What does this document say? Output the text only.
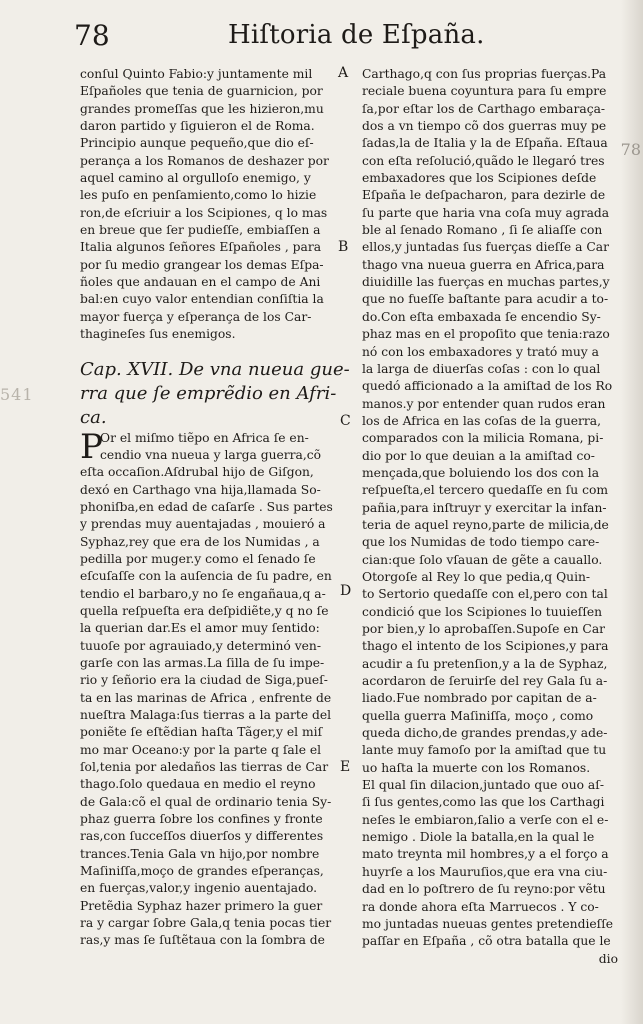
78	Hiſtoria de Eſpaña.
541
78
A
B
C
D
E
conſul Quinto Fabio:y juntamente mil
Eſpañoles que tenia de guarnicion, por
grandes promeſſas que les hizieron,mu
daron partido y ſiguieron el de Roma.
Principio aunque pequeño,que dio eſ-
perança a los Romanos de deshazer por
aquel camino al orgulloſo enemigo, y
les puſo en penſamiento,como lo hizie
ron,de eſcriuir a los Scipiones, q lo mas
en breue que ſer pudieſſe, embiaſſen a
Italia algunos ſeñores Eſpañoles , para
por ſu medio grangear los demas Eſpa-
ñoles que andauan en el campo de Ani
bal:en cuyo valor entendian conſiſtia la
mayor fuerça y eſperança de los Car-
thagineſes ſus enemigos.
Cap. XVII. De vna nueua gue-
rra que ſe emprẽdio en Afri-
ca.
P
Or el miſmo tiẽpo en Africa ſe en-
cendio vna nueua y larga guerra,cõ
eſta occaſion.Aſdrubal hijo de Giſgon,
dexó en Carthago vna hija,llamada So-
phoniſba,en edad de caſarſe . Sus partes
y prendas muy auentajadas , mouieró a
Syphaz,rey que era de los Numidas , a
pedilla por muger.y como el ſenado ſe
eſcuſaſſe con la auſencia de ſu padre, en
tendio el barbaro,y no ſe engañaua,q a-
quella reſpueſta era deſpidiẽte,y q no ſe
la querian dar.Es el amor muy ſentido:
tuuoſe por agrauiado,y determinó ven-
garſe con las armas.La ſilla de ſu impe-
rio y ſeñorio era la ciudad de Siga,pueſ-
ta en las marinas de Africa , enfrente de
nueſtra Malaga:ſus tierras a la parte del
poniẽte ſe eſtẽdian haſta Tãger,y el miſ
mo mar Oceano:y por la parte q ſale el
ſol,tenia por aledaños las tierras de Car
thago.ſolo quedaua en medio el reyno
de Gala:cõ el qual de ordinario tenia Sy-
phaz guerra ſobre los confines y fronte
ras,con ſucceſſos diuerſos y differentes
trances.Tenia Gala vn hijo,por nombre
Maſiniſſa,moço de grandes eſperanças,
en fuerças,valor,y ingenio auentajado.
Pretẽdia Syphaz hazer primero la guer
ra y cargar ſobre Gala,q tenia pocas tier
ras,y mas ſe ſuſtẽtaua con la ſombra de
Carthago,q con ſus proprias fuerças.Pa
reciale buena coyuntura para ſu empre
ſa,por eſtar los de Carthago embaraça-
dos a vn tiempo cõ dos guerras muy pe
ſadas,la de Italia y la de Eſpaña. Eſtaua
con eſta reſolució,quãdo le llegaró tres
embaxadores que los Scipiones deſde
Eſpaña le deſpacharon, para dezirle de
ſu parte que haria vna coſa muy agrada
ble al ſenado Romano , ſi ſe aliaſſe con
ellos,y juntadas ſus fuerças dieſſe a Car
thago vna nueua guerra en Africa,para
diuidille las fuerças en muchas partes,y
que no fueſſe baſtante para acudir a to-
do.Con eſta embaxada ſe encendio Sy-
phaz mas en el propoſito que tenia:razo
nó con los embaxadores y trató muy a
la larga de diuerſas coſas : con lo qual
quedó afficionado a la amiſtad de los Ro
manos.y por entender quan rudos eran
los de Africa en las coſas de la guerra,
comparados con la milicia Romana, pi-
dio por lo que deuian a la amiſtad co-
mençada,que boluiendo los dos con la
reſpueſta,el tercero quedaſſe en ſu com
pañia,para inſtruyr y exercitar la infan-
teria de aquel reyno,parte de milicia,de
que los Numidas de todo tiempo care-
cian:que ſolo vſauan de gẽte a cauallo.
Otorgoſe al Rey lo que pedia,q Quin-
to Sertorio quedaſſe con el,pero con tal
condició que los Scipiones lo tuuieſſen
por bien,y lo aprobaſſen.Supoſe en Car
thago el intento de los Scipiones,y para
acudir a ſu pretenſion,y a la de Syphaz,
acordaron de ſeruirſe del rey Gala ſu a-
liado.Fue nombrado por capitan de a-
quella guerra Maſiniſſa, moço , como
queda dicho,de grandes prendas,y ade-
lante muy famoſo por la amiſtad que tu
uo haſta la muerte con los Romanos.
El qual ſin dilacion,juntado que ouo aſ-
ſi ſus gentes,como las que los Carthagi
neſes le embiaron,ſalio a verſe con el e-
nemigo . Diole la batalla,en la qual le
mato treynta mil hombres,y a el forço a
huyrſe a los Mauruſios,que era vna ciu-
dad en lo poſtrero de ſu reyno:por vẽtu
ra donde ahora eſta Marruecos . Y co-
mo juntadas nueuas gentes pretendieſſe
paſſar en Eſpaña , cõ otra batalla que le
dio
